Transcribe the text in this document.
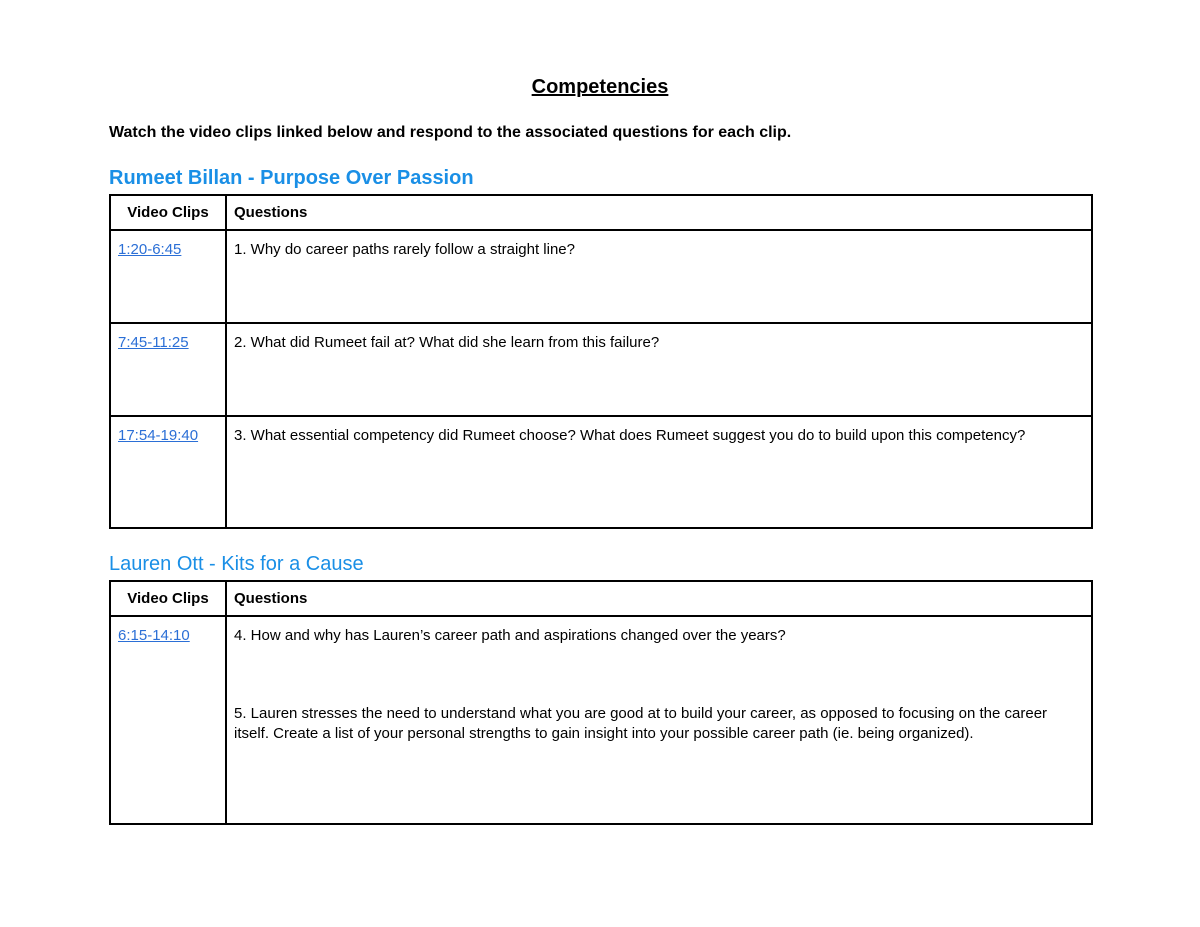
Competencies
Watch the video clips linked below and respond to the associated questions for each clip.
Rumeet Billan - Purpose Over Passion
Video Clips	Questions
1:20-6:45	1. Why do career paths rarely follow a straight line?

7:45-11:25	2. What did Rumeet fail at? What did she learn from this failure?

17:54-19:40	3. What essential competency did Rumeet choose? What does Rumeet suggest you do to build upon this competency?
Lauren Ott - Kits for a Cause
Video Clips	Questions
6:15-14:10	4. How and why has Lauren’s career path and aspirations changed over the years?
5. Lauren stresses the need to understand what you are good at to build your career, as opposed to focusing on the career itself. Create a list of your personal strengths to gain insight into your possible career path (ie. being organized).
